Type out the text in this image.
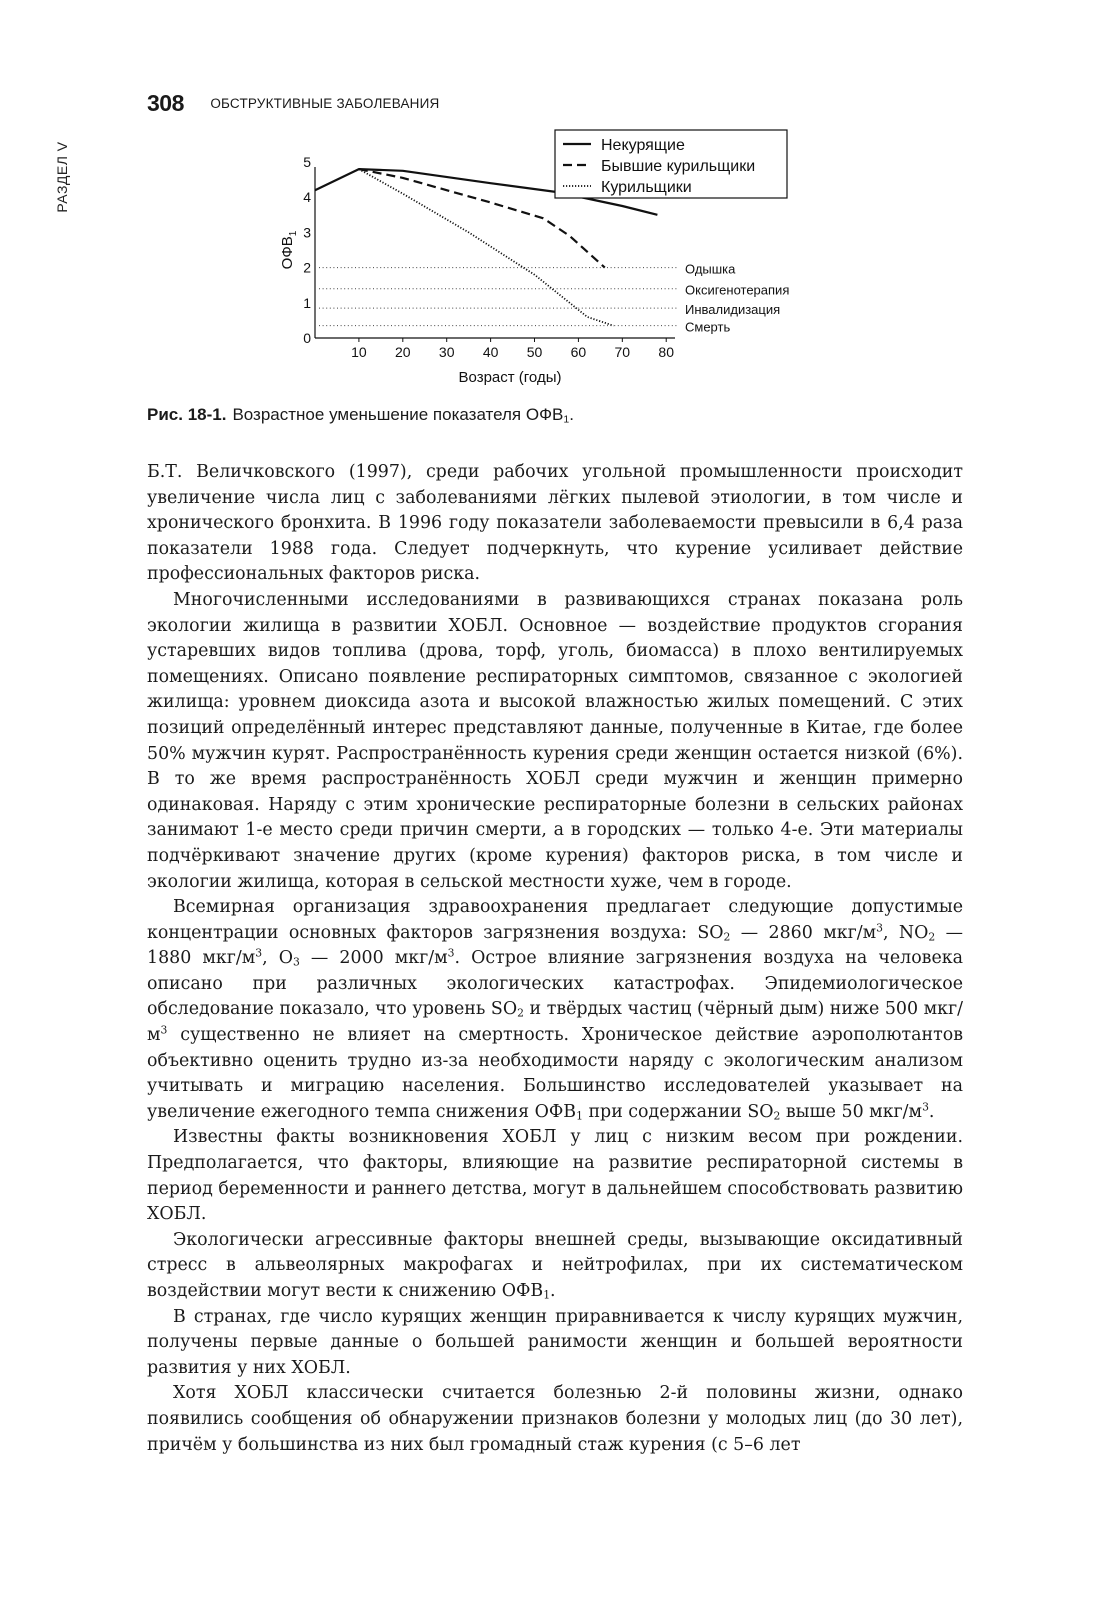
РАЗДЕЛ V
308 ОБСТРУКТИВНЫЕ ЗАБОЛЕВАНИЯ
Одышка
Оксигенотерапия
Инвалидизация
Смерть
10 20 30 40 50 60 70 80
0
1
2
3
4
5
Возраст (годы)
$ОФВ_1$
Некурящие
Бывшие курильщики
Курильщики
Рис. 18-1. Возрастное уменьшение показателя $ОФВ_1$.

Б.Т. Величковского (1997), среди рабочих угольной промышленности происходит увеличение числа лиц с заболеваниями лёгких пылевой этиологии, в том числе и хронического бронхита. В 1996 году показатели заболеваемости превысили в 6,4 раза показатели 1988 года. Следует подчеркнуть, что курение усиливает действие профессиональных факторов риска.

Многочисленными исследованиями в развивающихся странах показана роль экологии жилища в развитии ХОБЛ. Основное — воздействие продуктов сгорания устаревших видов топлива (дрова, торф, уголь, биомасса) в плохо вентилируемых помещениях. Описано появление респираторных симптомов, связанное с экологией жилища: уровнем диоксида азота и высокой влажностью жилых помещений. С этих позиций определённый интерес представляют данные, полученные в Китае, где более 50% мужчин курят. Распространённость курения среди женщин остается низкой (6%). В то же время распространённость ХОБЛ среди мужчин и женщин примерно одинаковая. Наряду с этим хронические респираторные болезни в сельских районах занимают 1-е место среди причин смерти, а в городских — только 4-е. Эти материалы подчёркивают значение других (кроме курения) факторов риска, в том числе и экологии жилища, которая в сельской местности хуже, чем в городе.

Всемирная организация здравоохранения предлагает следующие допустимые концентрации основных факторов загрязнения воздуха: $SO_2$ — 2860 мкг/$м^3$, $NO_2$ — 1880 мкг/$м^3$, $O_3$ — 2000 мкг/$м^3$. Острое влияние загрязнения воздуха на человека описано при различных экологических катастрофах. Эпидемиологическое обследование показало, что уровень $SO_2$ и твёрдых частиц (чёрный дым) ниже 500 мкг/$м^3$ существенно не влияет на смертность. Хроническое действие аэрополютантов объективно оценить трудно из-за необходимости наряду с экологическим анализом учитывать и миграцию населения. Большинство исследователей указывает на увеличение ежегодного темпа снижения $ОФВ_1$ при содержании $SO_2$ выше 50 мкг/$м^3$.

Известны факты возникновения ХОБЛ у лиц с низким весом при рождении. Предполагается, что факторы, влияющие на развитие респираторной системы в период беременности и раннего детства, могут в дальнейшем способствовать развитию ХОБЛ.

Экологически агрессивные факторы внешней среды, вызывающие оксидативный стресс в альвеолярных макрофагах и нейтрофилах, при их систематическом воздействии могут вести к снижению $ОФВ_1$.

В странах, где число курящих женщин приравнивается к числу курящих мужчин, получены первые данные о большей ранимости женщин и большей вероятности развития у них ХОБЛ.

Хотя ХОБЛ классически считается болезнью 2-й половины жизни, однако появились сообщения об обнаружении признаков болезни у молодых лиц (до 30 лет), причём у большинства из них был громадный стаж курения (с 5–6 лет
